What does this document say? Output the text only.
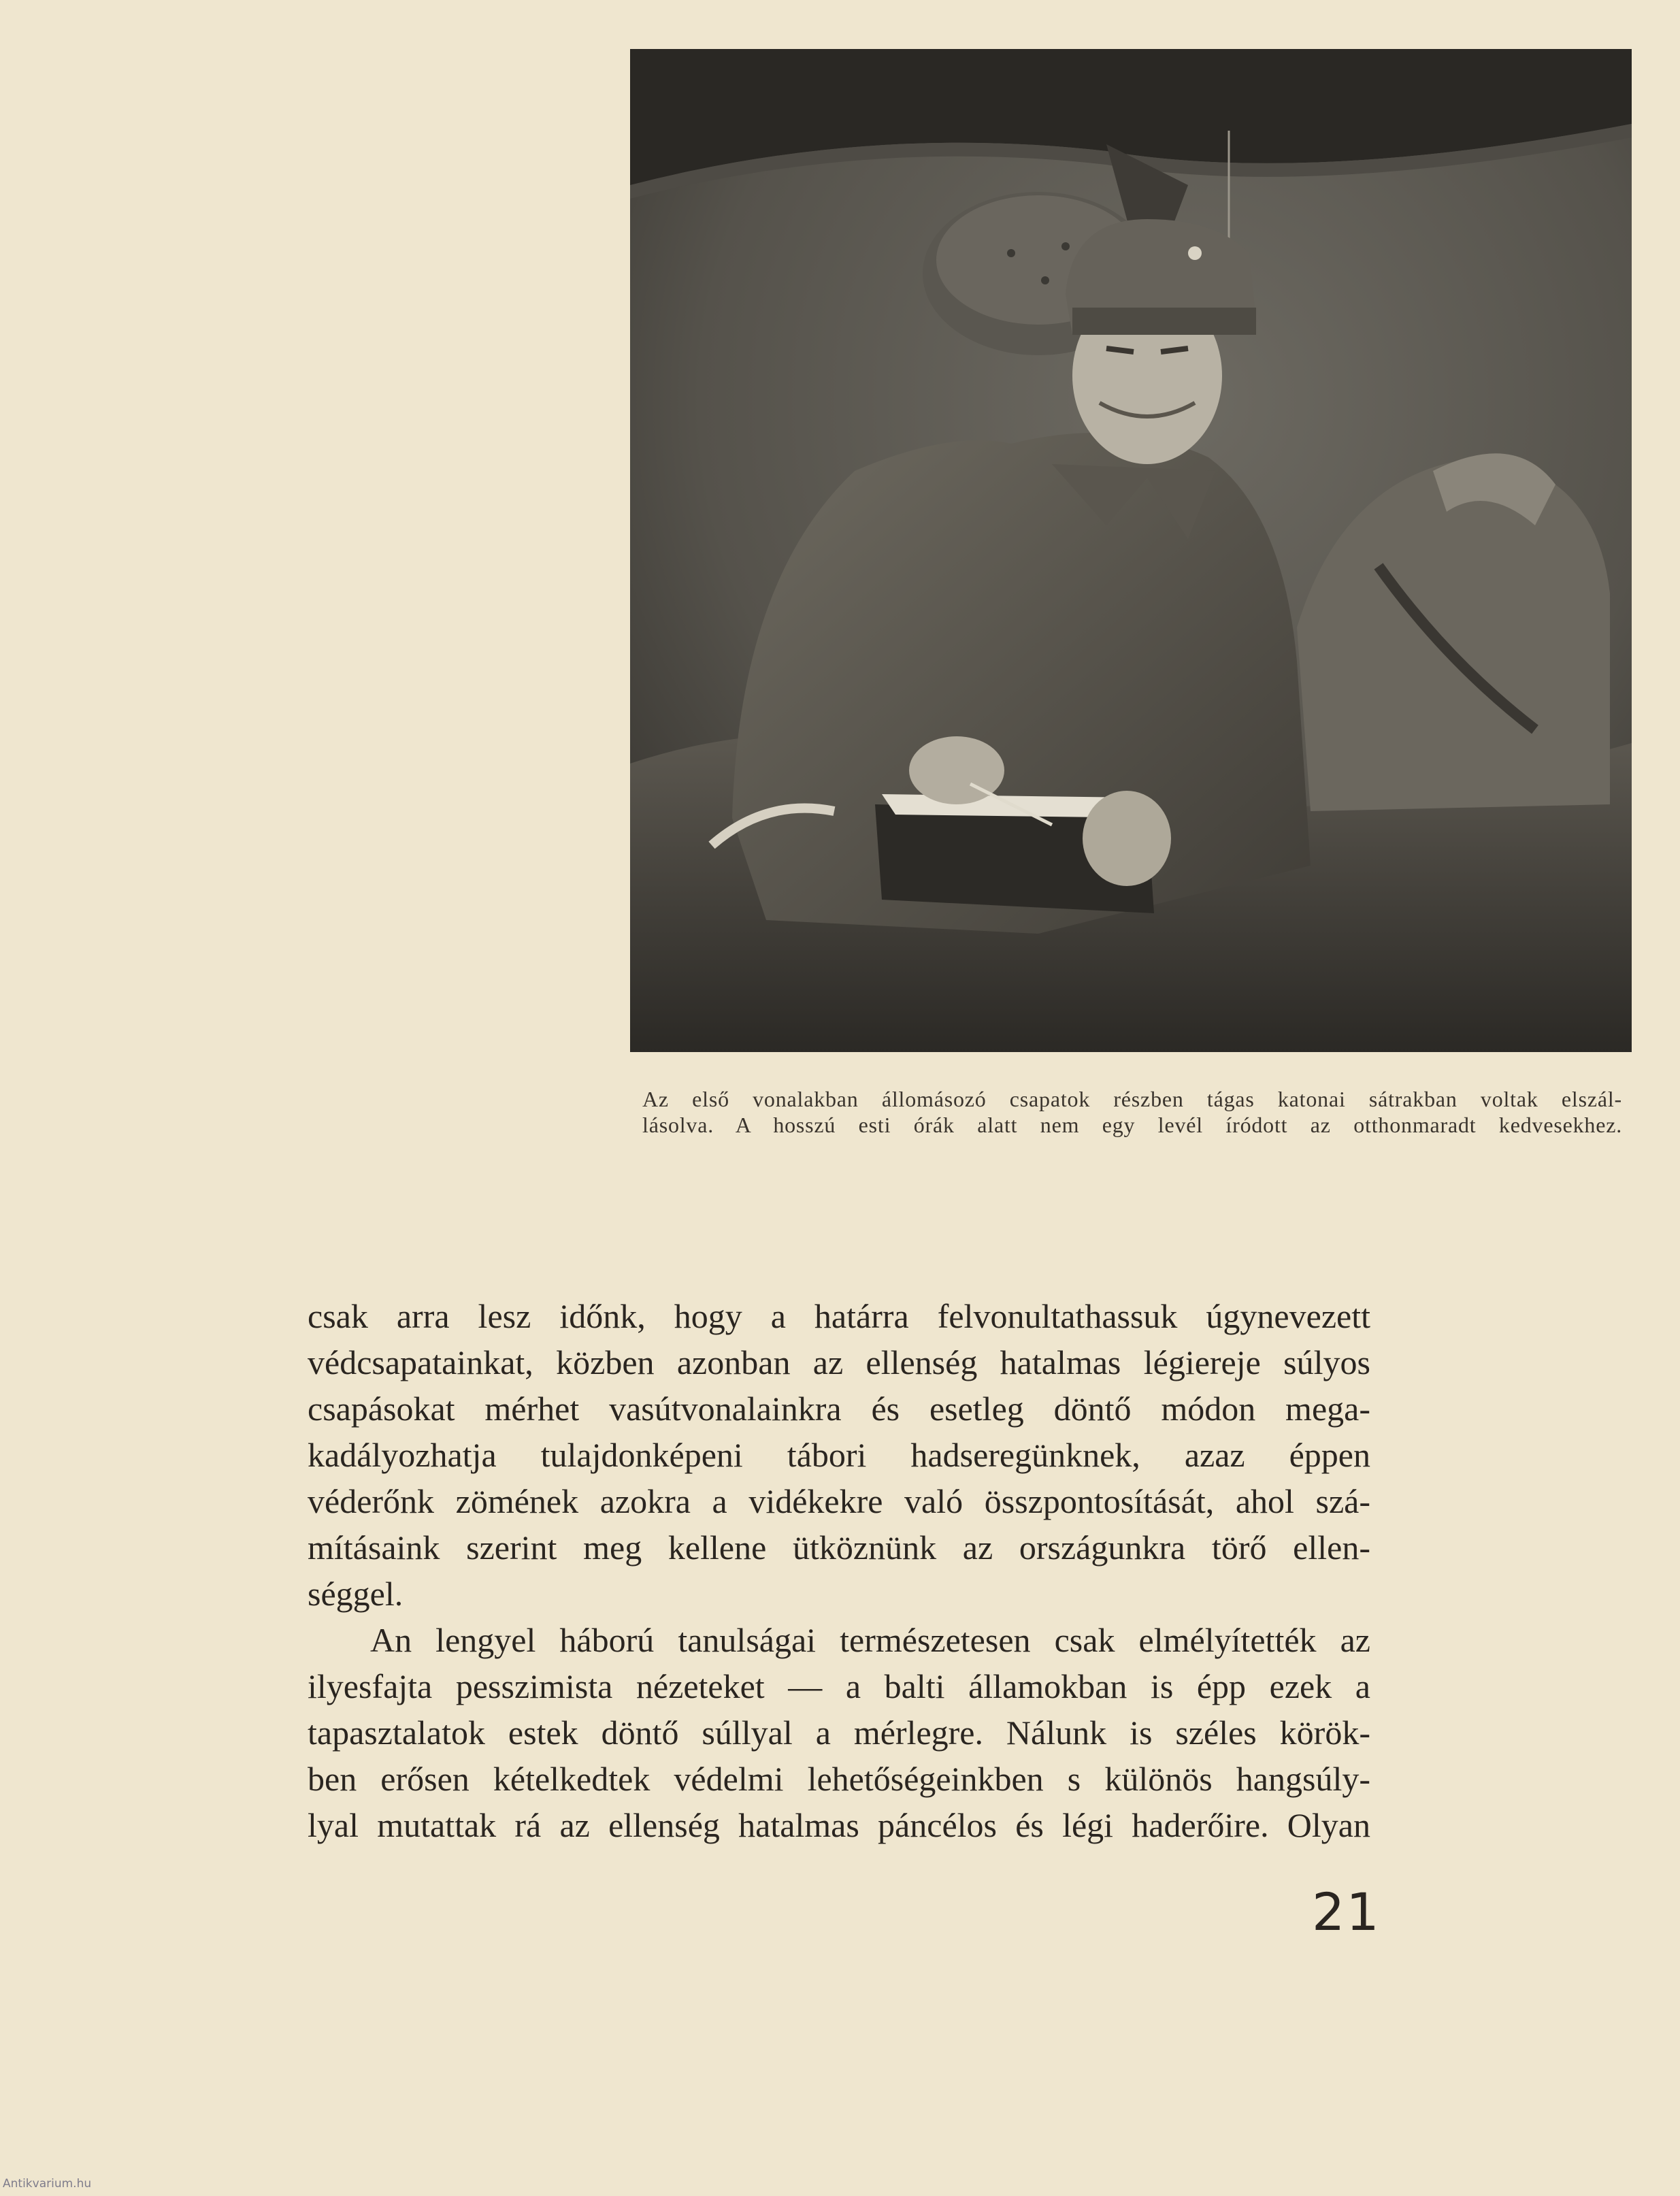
Az első vonalakban állomásozó csapatok részben tágas katonai sátrakban voltak elszál-
lásolva. A hosszú esti órák alatt nem egy levél íródott az otthonmaradt kedvesekhez.
csak arra lesz időnk, hogy a határra felvonultathassuk úgynevezett
védcsapatainkat, közben azonban az ellenség hatalmas légiereje súlyos
csapásokat mérhet vasútvonalainkra és esetleg döntő módon mega-
kadályozhatja tulajdonképeni tábori hadseregünknek, azaz éppen
véderőnk zömének azokra a vidékekre való összpontosítását, ahol szá-
mításaink szerint meg kellene ütköznünk az országunkra törő ellen-
séggel.
An lengyel háború tanulságai természetesen csak elmélyítették az
ilyesfajta pesszimista nézeteket — a balti államokban is épp ezek a
tapasztalatok estek döntő súllyal a mérlegre. Nálunk is széles körök-
ben erősen kételkedtek védelmi lehetőségeinkben s különös hangsúly-
lyal mutattak rá az ellenség hatalmas páncélos és légi haderőire. Olyan
21
Antikvarium.hu
